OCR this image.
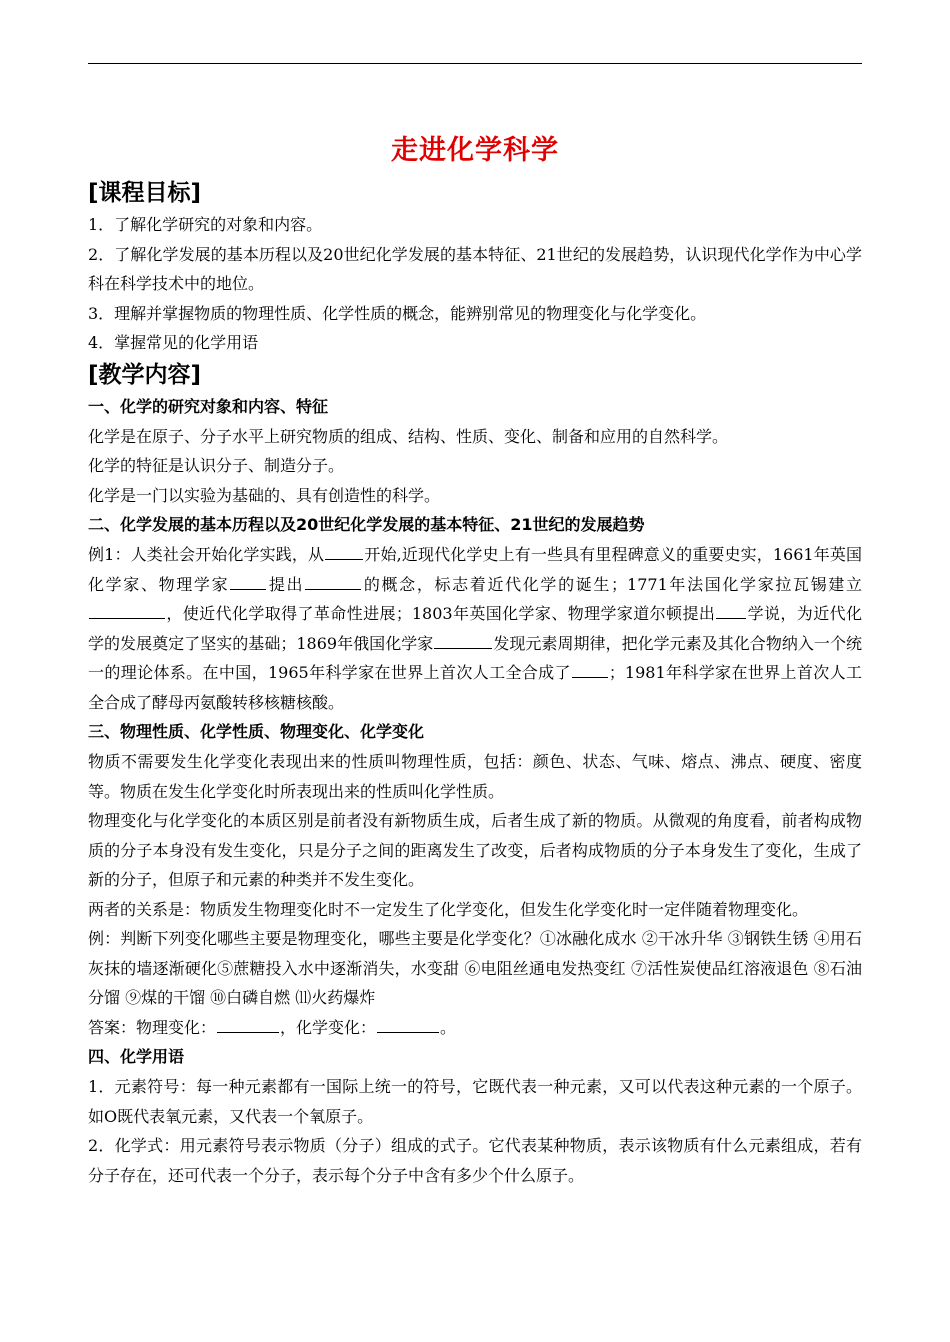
走进化学科学
[课程目标]

1．了解化学研究的对象和内容。

2．了解化学发展的基本历程以及20世纪化学发展的基本特征、21世纪的发展趋势，认识现代化学作为中心学科在科学技术中的地位。

3．理解并掌握物质的物理性质、化学性质的概念，能辨别常见的物理变化与化学变化。

4．掌握常见的化学用语

[教学内容]
一、化学的研究对象和内容、特征

化学是在原子、分子水平上研究物质的组成、结构、性质、变化、制备和应用的自然科学。

化学的特征是认识分子、制造分子。

化学是一门以实验为基础的、具有创造性的科学。

二、化学发展的基本历程以及20世纪化学发展的基本特征、21世纪的发展趋势

例1：人类社会开始化学实践，从	开始,近现代化学史上有一些具有里程碑意义的重要史实，1661年英国化学家、物理学家 提出	的概念，标志着近代化学的诞生；1771年法国化学家拉瓦锡建立，使近代化学取得了革命性进展；1803年英国化学家、物理学家道尔顿提出 学说，为近代化学的发展奠定了坚实的基础；1869年俄国化学家	发现元素周期律，把化学元素及其化合物纳入一个统一的理论体系。在中国，1965年科学家在世界上首次人工全合成了 ；1981年科学家在世界上首次人工全合成了酵母丙氨酸转移核糖核酸。

三、物理性质、化学性质、物理变化、化学变化

物质不需要发生化学变化表现出来的性质叫物理性质，包括：颜色、状态、气味、熔点、沸点、硬度、密度等。物质在发生化学变化时所表现出来的性质叫化学性质。

物理变化与化学变化的本质区别是前者没有新物质生成，后者生成了新的物质。从微观的角度看，前者构成物质的分子本身没有发生变化，只是分子之间的距离发生了改变，后者构成物质的分子本身发生了变化，生成了新的分子，但原子和元素的种类并不发生变化。

两者的关系是：物质发生物理变化时不一定发生了化学变化，但发生化学变化时一定伴随着物理变化。

例：判断下列变化哪些主要是物理变化，哪些主要是化学变化？①冰融化成水 ②干冰升华 ③钢铁生锈 ④用石灰抹的墙逐渐硬化⑤蔗糖投入水中逐渐消失，水变甜 ⑥电阻丝通电发热变红 ⑦活性炭使品红溶液退色 ⑧石油分馏 ⑨煤的干馏 ⑩白磷自燃 ⑾火药爆炸

答案：物理变化：	，化学变化：	。

四、化学用语

1．元素符号：每一种元素都有一国际上统一的符号，它既代表一种元素，又可以代表这种元素的一个原子。如O既代表氧元素，又代表一个氧原子。

2．化学式：用元素符号表示物质（分子）组成的式子。它代表某种物质，表示该物质有什么元素组成，若有分子存在，还可代表一个分子，表示每个分子中含有多少个什么原子。
